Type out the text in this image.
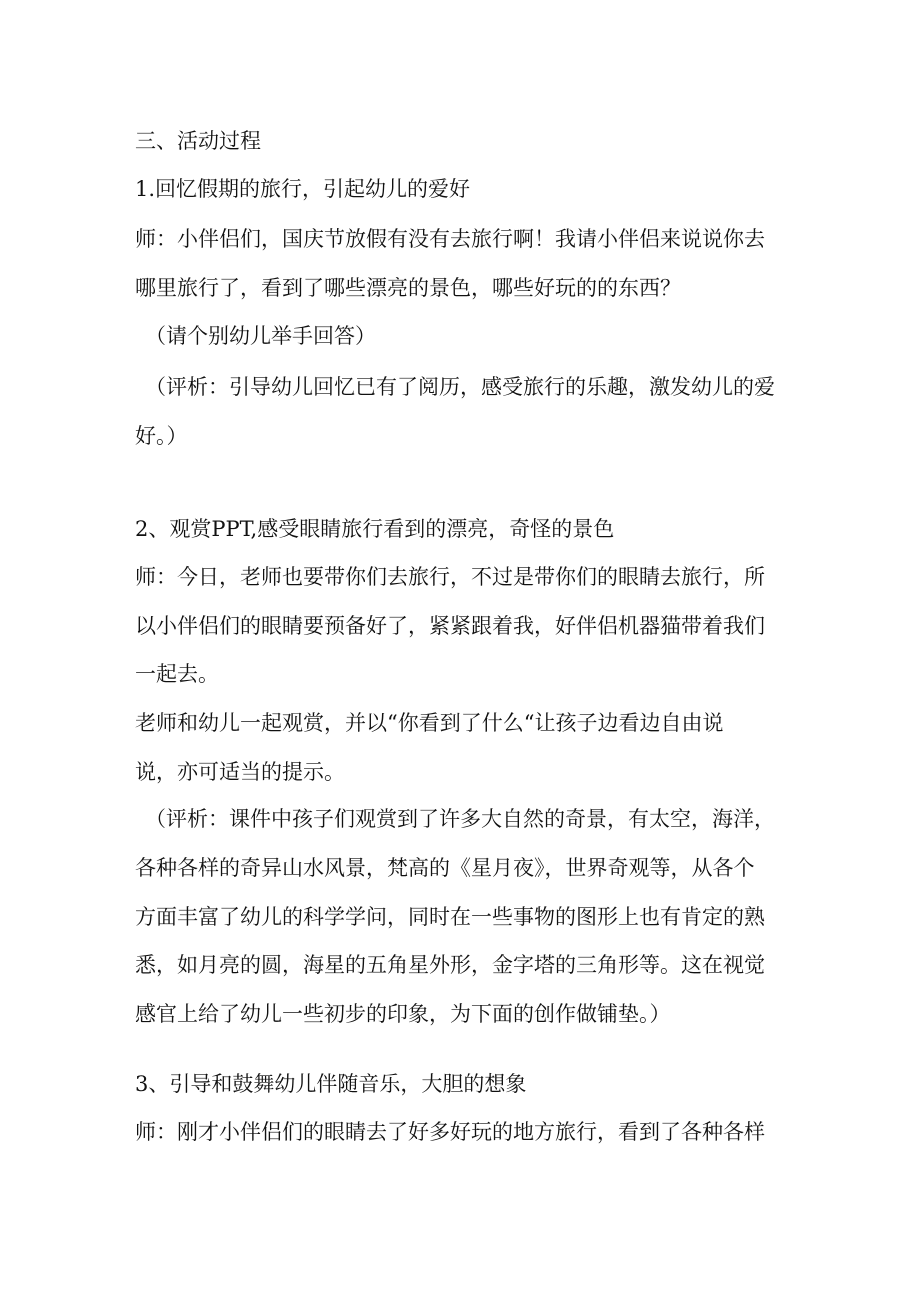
三、活动过程
1.回忆假期的旅行，引起幼儿的爱好
师：小伴侣们，国庆节放假有没有去旅行啊！我请小伴侣来说说你去
哪里旅行了，看到了哪些漂亮的景色，哪些好玩的的东西？
（请个别幼儿举手回答）
（评析：引导幼儿回忆已有了阅历，感受旅行的乐趣，激发幼儿的爱
好。）
2、观赏PPT,感受眼睛旅行看到的漂亮，奇怪的景色
师：今日，老师也要带你们去旅行，不过是带你们的眼睛去旅行，所
以小伴侣们的眼睛要预备好了，紧紧跟着我，好伴侣机器猫带着我们
一起去。
老师和幼儿一起观赏，并以“你看到了什么“让孩子边看边自由说
说，亦可适当的提示。
（评析：课件中孩子们观赏到了许多大自然的奇景，有太空，海洋，
各种各样的奇异山水风景，梵高的《星月夜》，世界奇观等，从各个
方面丰富了幼儿的科学学问，同时在一些事物的图形上也有肯定的熟
悉，如月亮的圆，海星的五角星外形，金字塔的三角形等。这在视觉
感官上给了幼儿一些初步的印象，为下面的创作做铺垫。）
3、引导和鼓舞幼儿伴随音乐，大胆的想象
师：刚才小伴侣们的眼睛去了好多好玩的地方旅行，看到了各种各样
